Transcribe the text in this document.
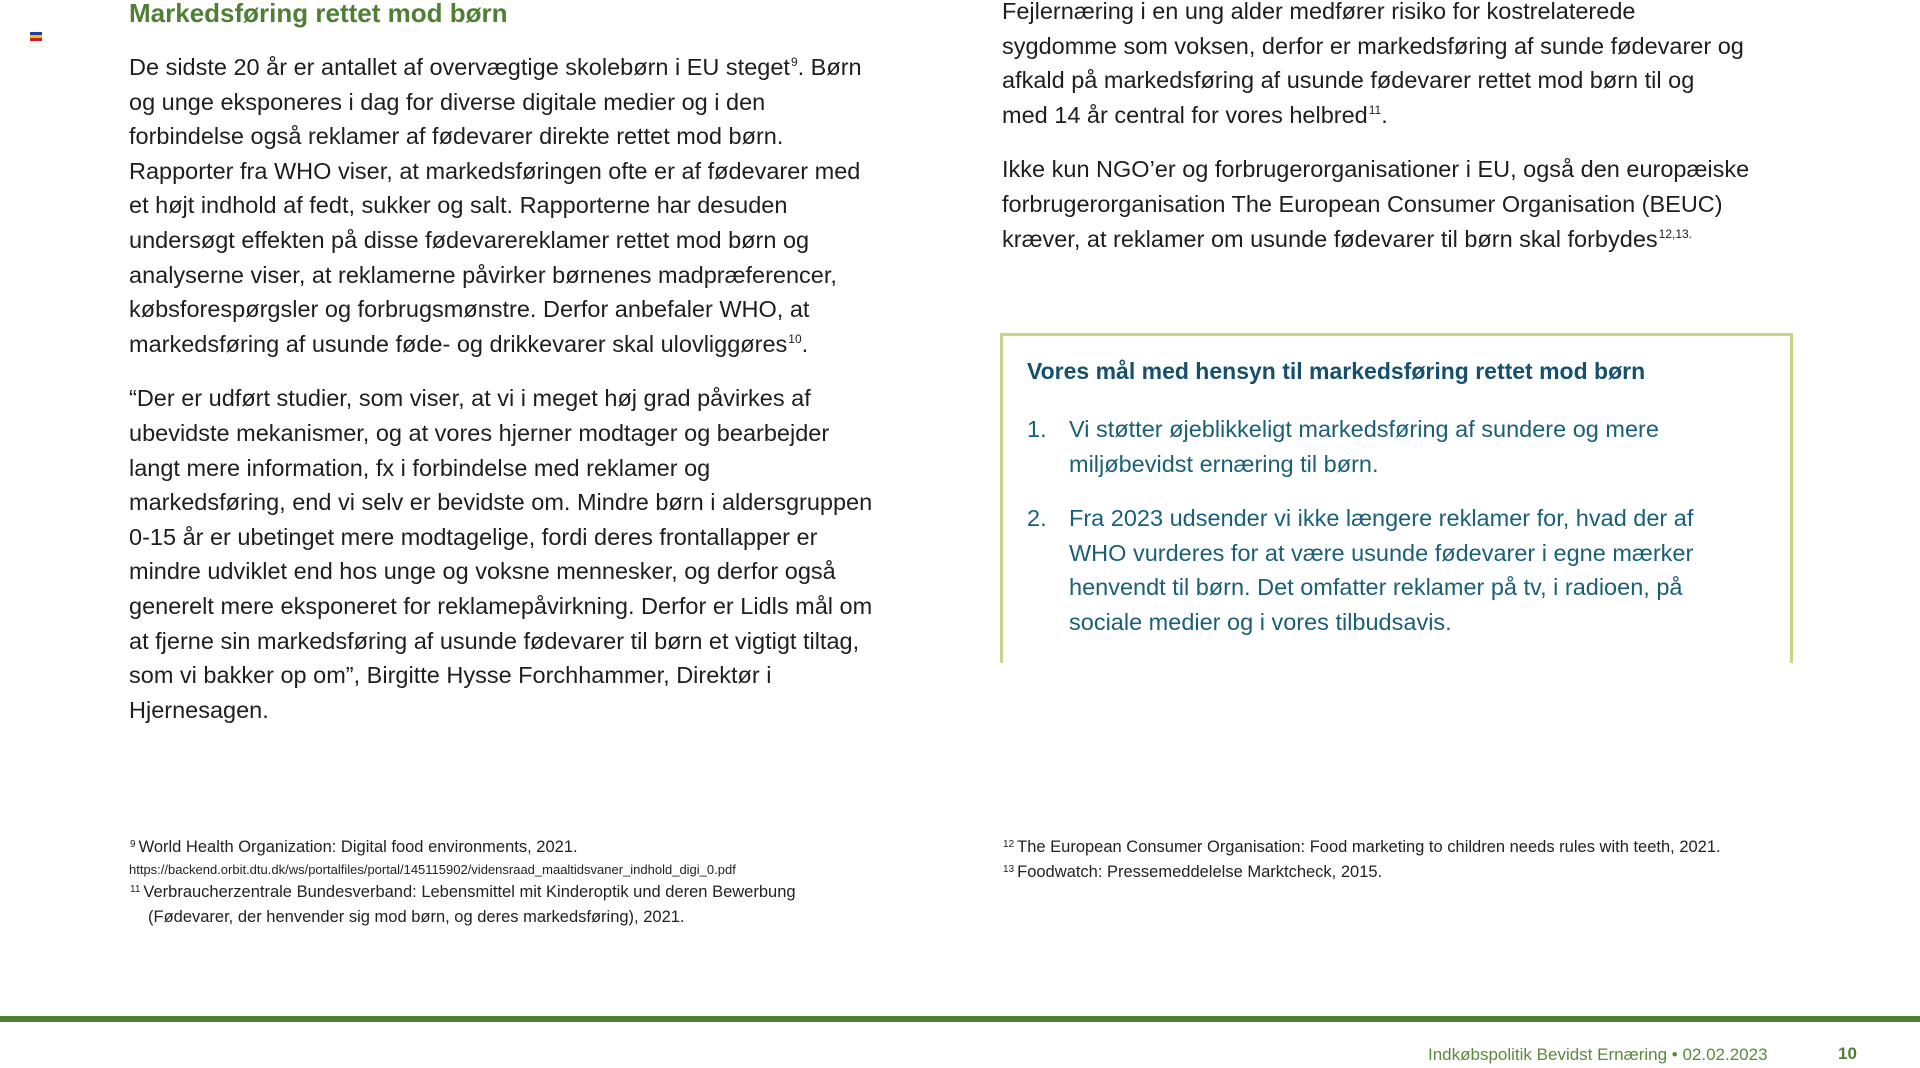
Markedsføring rettet mod børn

De sidste 20 år er antallet af overvægtige skolebørn i EU steget$^9$. Børn
og unge eksponeres i dag for diverse digitale medier og i den
forbindelse også reklamer af fødevarer direkte rettet mod børn.
Rapporter fra WHO viser, at markedsføringen ofte er af fødevarer med
et højt indhold af fedt, sukker og salt. Rapporterne har desuden
undersøgt effekten på disse fødevarereklamer rettet mod børn og
analyserne viser, at reklamerne påvirker børnenes madpræferencer,
købsforespørgsler og forbrugsmønstre. Derfor anbefaler WHO, at
markedsføring af usunde føde- og drikkevarer skal ulovliggøres$^{10}$.

“Der er udført studier, som viser, at vi i meget høj grad påvirkes af
ubevidste mekanismer, og at vores hjerner modtager og bearbejder
langt mere information, fx i forbindelse med reklamer og
markedsføring, end vi selv er bevidste om. Mindre børn i aldersgruppen
0-15 år er ubetinget mere modtagelige, fordi deres frontallapper er
mindre udviklet end hos unge og voksne mennesker, og derfor også
generelt mere eksponeret for reklamepåvirkning. Derfor er Lidls mål om
at fjerne sin markedsføring af usunde fødevarer til børn et vigtigt tiltag,
som vi bakker op om”, Birgitte Hysse Forchhammer, Direktør i
Hjernesagen.

Fejlernæring i en ung alder medfører risiko for kostrelaterede
sygdomme som voksen, derfor er markedsføring af sunde fødevarer og
afkald på markedsføring af usunde fødevarer rettet mod børn til og
med 14 år central for vores helbred$^{11}$.

Ikke kun NGO’er og forbrugerorganisationer i EU, også den europæiske
forbrugerorganisation The European Consumer Organisation (BEUC)
kræver, at reklamer om usunde fødevarer til børn skal forbydes$^{12,13.}$

Vores mål med hensyn til markedsføring rettet mod børn
1. Vi støtter øjeblikkeligt markedsføring af sundere og mere
miljøbevidst ernæring til børn.
2. Fra 2023 udsender vi ikke længere reklamer for, hvad der af
WHO vurderes for at være usunde fødevarer i egne mærker
henvendt til børn. Det omfatter reklamer på tv, i radioen, på
sociale medier og i vores tilbudsavis.
$^9$ World Health Organization: Digital food environments, 2021.
https://backend.orbit.dtu.dk/ws/portalfiles/portal/145115902/vidensraad_maaltidsvaner_indhold_digi_0.pdf
$^{11}$ Verbraucherzentrale Bundesverband: Lebensmittel mit Kinderoptik und deren Bewerbung
(Fødevarer, der henvender sig mod børn, og deres markedsføring), 2021.
$^{12}$ The European Consumer Organisation: Food marketing to children needs rules with teeth, 2021.
$^{13}$ Foodwatch: Pressemeddelelse Marktcheck, 2015.
Indkøbspolitik Bevidst Ernæring • 02.02.2023	10
